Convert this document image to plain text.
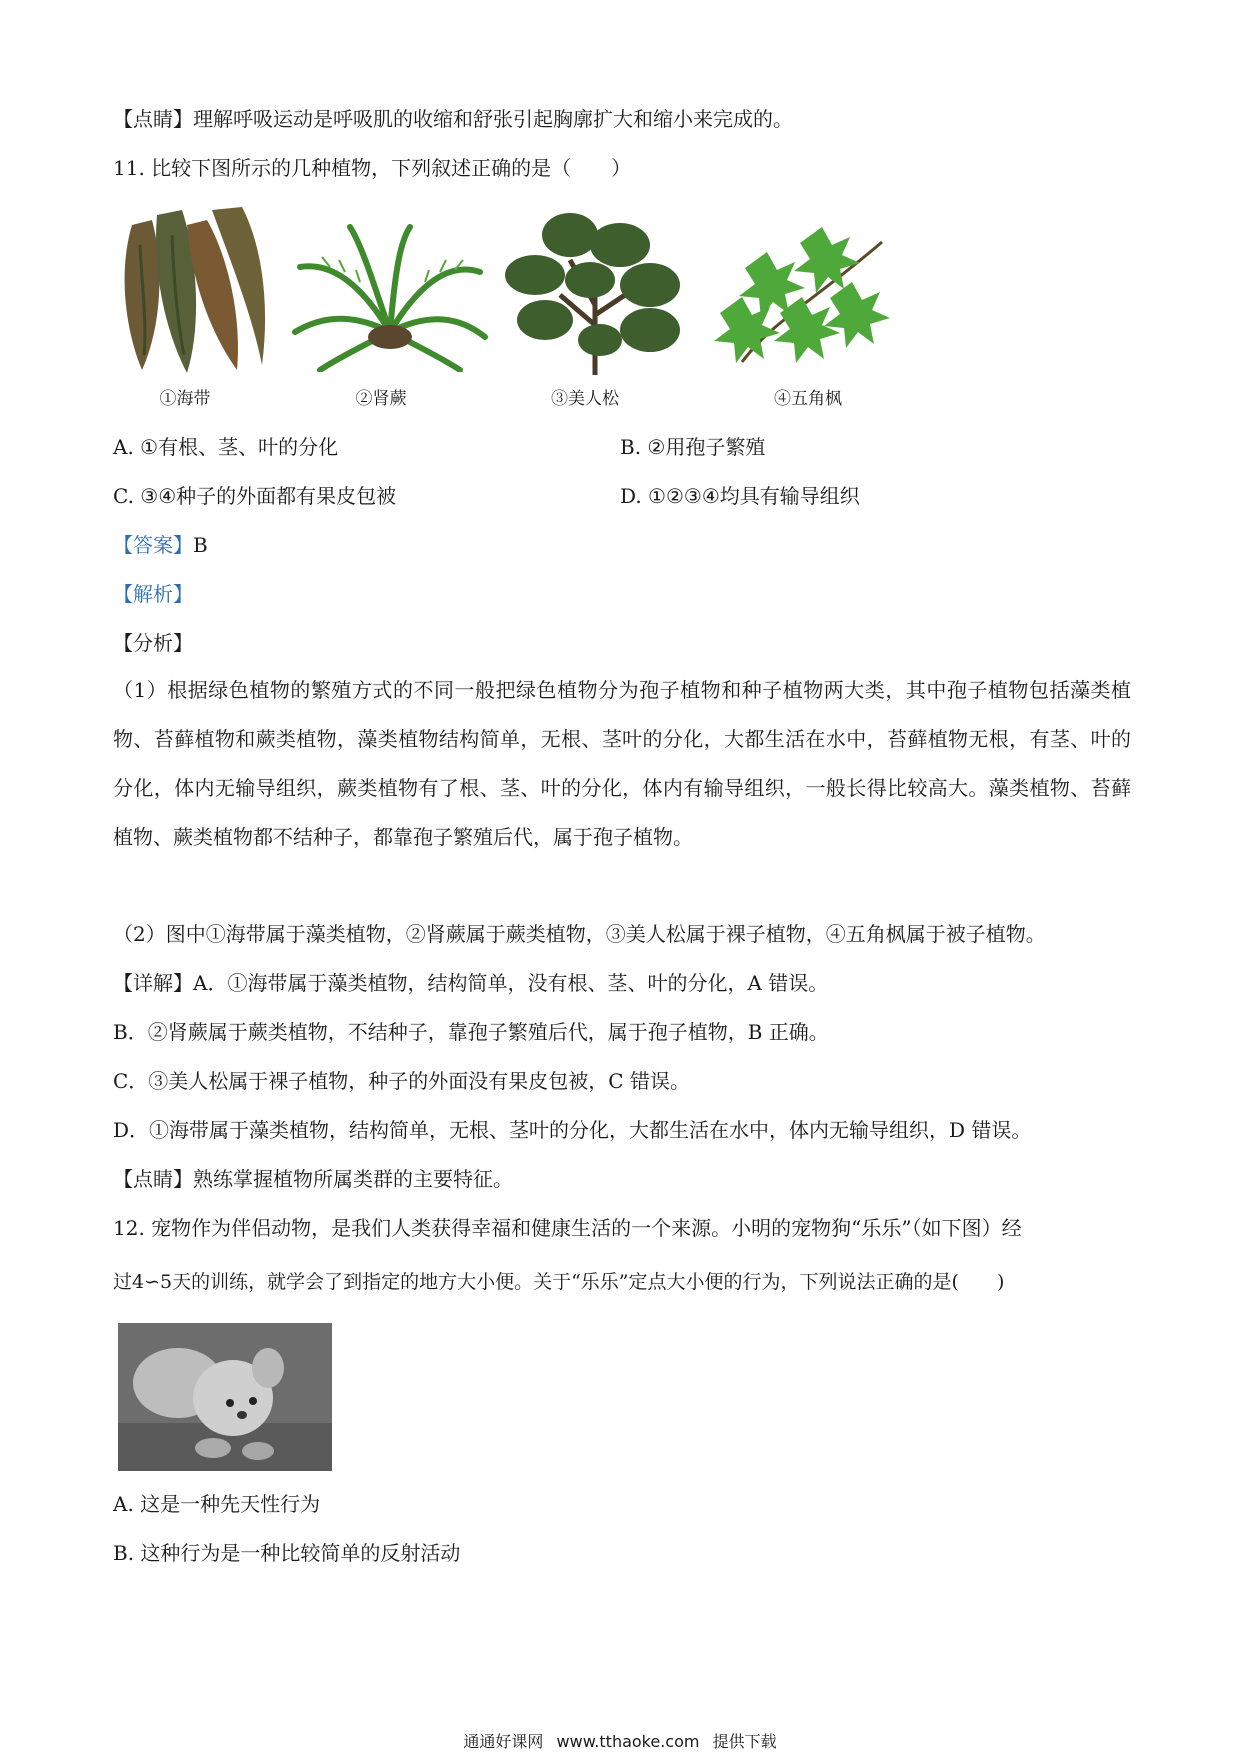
【点睛】理解呼吸运动是呼吸肌的收缩和舒张引起胸廓扩大和缩小来完成的。
11. 比较下图所示的几种植物，下列叙述正确的是（　　）
①海带	②肾蕨	③美人松	④五角枫
A. ①有根、茎、叶的分化	B. ②用孢子繁殖
C. ③④种子的外面都有果皮包被	D. ①②③④均具有输导组织
【答案】B
【解析】
【分析】
（1）根据绿色植物的繁殖方式的不同一般把绿色植物分为孢子植物和种子植物两大类，其中孢子植物包括藻类植物、苔藓植物和蕨类植物，藻类植物结构简单，无根、茎叶的分化，大都生活在水中，苔藓植物无根，有茎、叶的分化，体内无输导组织，蕨类植物有了根、茎、叶的分化，体内有输导组织，一般长得比较高大。藻类植物、苔藓植物、蕨类植物都不结种子，都靠孢子繁殖后代，属于孢子植物。
（2）图中①海带属于藻类植物，②肾蕨属于蕨类植物，③美人松属于裸子植物，④五角枫属于被子植物。
【详解】A．①海带属于藻类植物，结构简单，没有根、茎、叶的分化，A 错误。
B．②肾蕨属于蕨类植物，不结种子，靠孢子繁殖后代，属于孢子植物，B 正确。
C．③美人松属于裸子植物，种子的外面没有果皮包被，C 错误。
D．①海带属于藻类植物，结构简单，无根、茎叶的分化，大都生活在水中，体内无输导组织，D 错误。
【点睛】熟练掌握植物所属类群的主要特征。
12. 宠物作为伴侣动物，是我们人类获得幸福和健康生活的一个来源。小明的宠物狗“乐乐”（如下图）经
过4∽5天的训练，就学会了到指定的地方大小便。关于“乐乐”定点大小便的行为，下列说法正确的是(　　)
A. 这是一种先天性行为
B. 这种行为是一种比较简单的反射活动
通通好课网 www.tthaoke.com 提供下载
